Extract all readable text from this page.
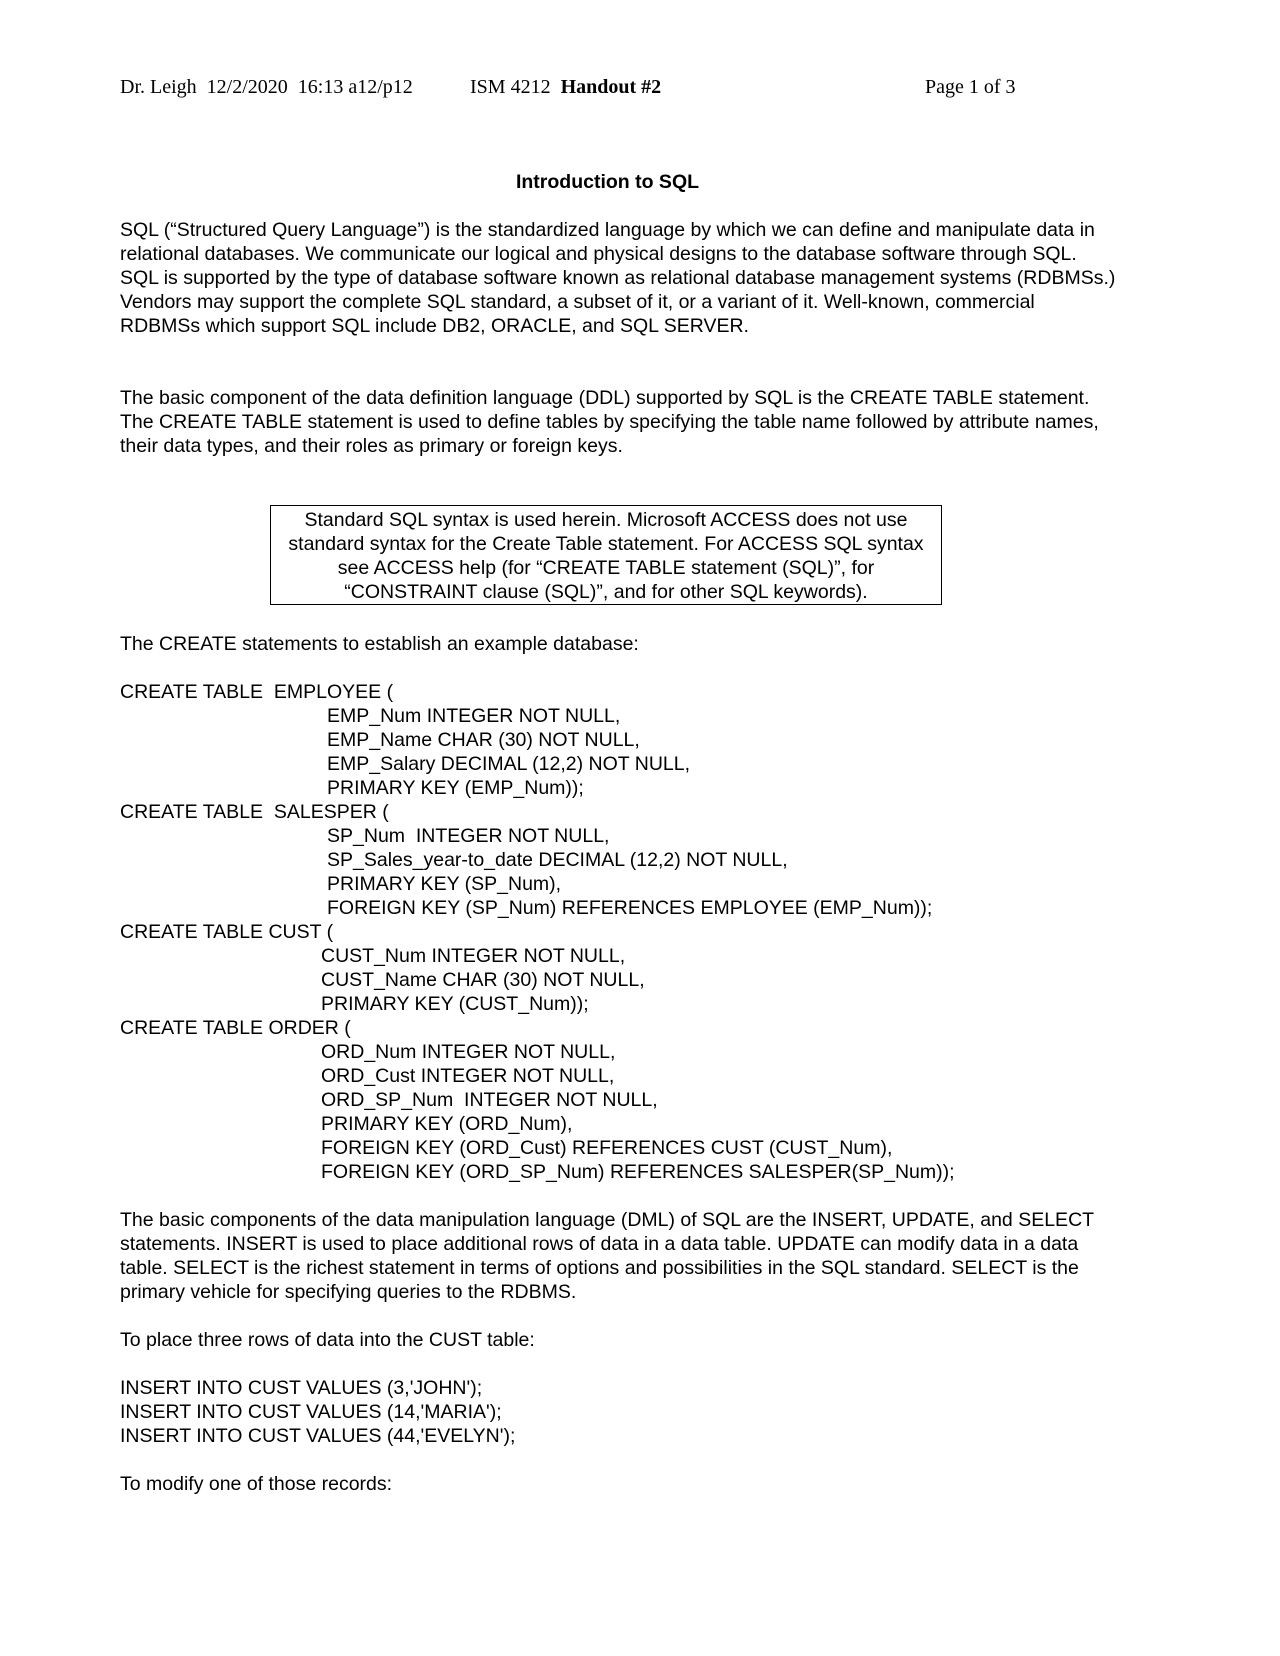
Dr. Leigh  12/2/2020  16:13 a12/p12	ISM 4212 Handout #2	Page 1 of 3
Introduction to SQL

SQL (“Structured Query Language”) is the standardized language by which we can define and manipulate data in relational databases. We communicate our logical and physical designs to the database software through SQL. SQL is supported by the type of database software known as relational database management systems (RDBMSs.) Vendors may support the complete SQL standard, a subset of it, or a variant of it. Well-known, commercial RDBMSs which support SQL include DB2, ORACLE, and SQL SERVER.

The basic component of the data definition language (DDL) supported by SQL is the CREATE TABLE statement. The CREATE TABLE statement is used to define tables by specifying the table name followed by attribute names, their data types, and their roles as primary or foreign keys.

Standard SQL syntax is used herein. Microsoft ACCESS does not use standard syntax for the Create Table statement. For ACCESS SQL syntax see ACCESS help (for “CREATE TABLE statement (SQL)”, for “CONSTRAINT clause (SQL)”, and for other SQL keywords).
The CREATE statements to establish an example database:
CREATE TABLE  EMPLOYEE (
EMP_Num INTEGER NOT NULL,
EMP_Name CHAR (30) NOT NULL,
EMP_Salary DECIMAL (12,2) NOT NULL,
PRIMARY KEY (EMP_Num));
CREATE TABLE  SALESPER (
SP_Num  INTEGER NOT NULL,
SP_Sales_year-to_date DECIMAL (12,2) NOT NULL,
PRIMARY KEY (SP_Num),
FOREIGN KEY (SP_Num) REFERENCES EMPLOYEE (EMP_Num));
CREATE TABLE CUST (
CUST_Num INTEGER NOT NULL,
CUST_Name CHAR (30) NOT NULL,
PRIMARY KEY (CUST_Num));
CREATE TABLE ORDER (
ORD_Num INTEGER NOT NULL,
ORD_Cust INTEGER NOT NULL,
ORD_SP_Num  INTEGER NOT NULL,
PRIMARY KEY (ORD_Num),
FOREIGN KEY (ORD_Cust) REFERENCES CUST (CUST_Num),
FOREIGN KEY (ORD_SP_Num) REFERENCES SALESPER(SP_Num));

The basic components of the data manipulation language (DML) of SQL are the INSERT, UPDATE, and SELECT statements. INSERT is used to place additional rows of data in a data table. UPDATE can modify data in a data table. SELECT is the richest statement in terms of options and possibilities in the SQL standard. SELECT is the primary vehicle for specifying queries to the RDBMS.

To place three rows of data into the CUST table:
INSERT INTO CUST VALUES (3,'JOHN');
INSERT INTO CUST VALUES (14,'MARIA');
INSERT INTO CUST VALUES (44,'EVELYN');
To modify one of those records:
